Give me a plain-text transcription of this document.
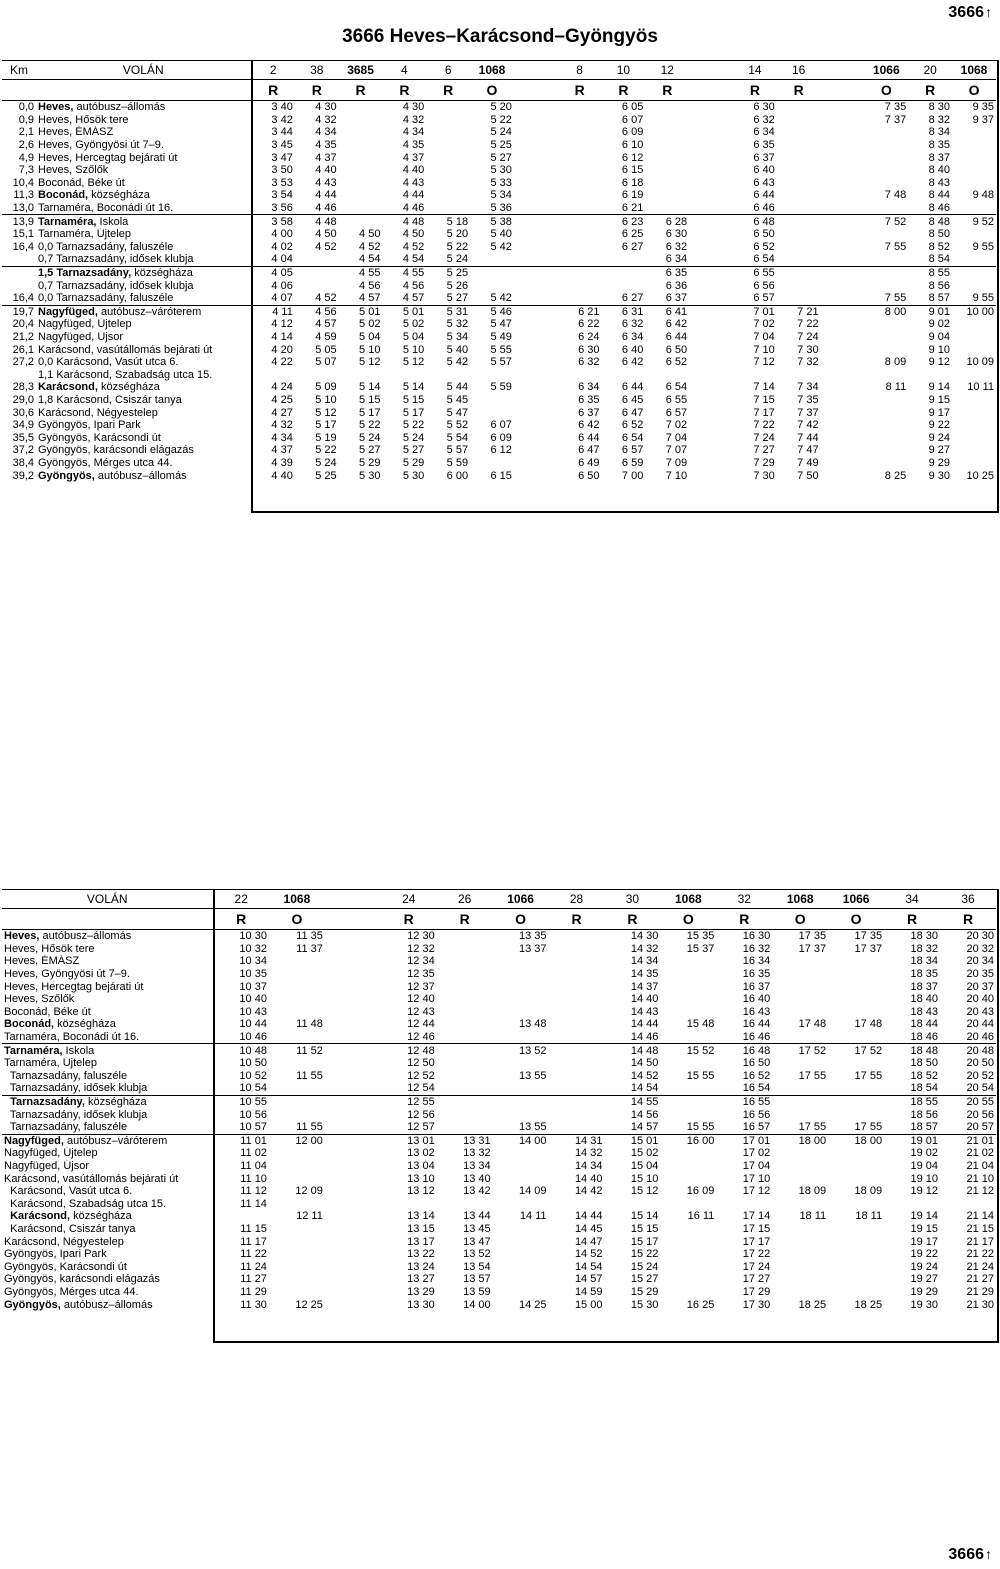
3666 Heves–Karácsond–Gyöngyös
3666↑
3666↑
Km	VOLÁN	2	38	3685	4	6	1068		8	10	12		14	16		1066	20	1068
		R	R	R	R	R	O		R	R	R		R	R		O	R	O
0,0	Heves, autóbusz–állomás	3 40	4 30		4 30		5 20			6 05			6 30			7 35	8 30	9 35
0,9	Heves, Hősök tere	3 42	4 32		4 32		5 22			6 07			6 32			7 37	8 32	9 37
2,1	Heves, ÉMÁSZ	3 44	4 34		4 34		5 24			6 09			6 34				8 34	
2,6	Heves, Gyöngyösi út 7–9.	3 45	4 35		4 35		5 25			6 10			6 35				8 35	
4,9	Heves, Hercegtag bejárati út	3 47	4 37		4 37		5 27			6 12			6 37				8 37	
7,3	Heves, Szőlők	3 50	4 40		4 40		5 30			6 15			6 40				8 40	
10,4	Boconád, Béke út	3 53	4 43		4 43		5 33			6 18			6 43				8 43	
11,3	Boconád, községháza	3 54	4 44		4 44		5 34			6 19			6 44			7 48	8 44	9 48
13,0	Tarnaméra, Boconádi út 16.	3 56	4 46		4 46		5 36			6 21			6 46				8 46	
13,9	Tarnaméra, Iskola	3 58	4 48		4 48	5 18	5 38			6 23	6 28		6 48			7 52	8 48	9 52
15,1	Tarnaméra, Újtelep	4 00	4 50	4 50	4 50	5 20	5 40			6 25	6 30		6 50				8 50	
16,4	0,0 Tarnazsadány, faluszéle	4 02	4 52	4 52	4 52	5 22	5 42			6 27	6 32		6 52			7 55	8 52	9 55
	0,7 Tarnazsadány, idősek klubja	4 04		4 54	4 54	5 24					6 34		6 54				8 54	
	1,5 Tarnazsadány, községháza	4 05		4 55	4 55	5 25					6 35		6 55				8 55	
	0,7 Tarnazsadány, idősek klubja	4 06		4 56	4 56	5 26					6 36		6 56				8 56	
16,4	0,0 Tarnazsadány, faluszéle	4 07	4 52	4 57	4 57	5 27	5 42			6 27	6 37		6 57			7 55	8 57	9 55
19,7	Nagyfüged, autóbusz–váróterem	4 11	4 56	5 01	5 01	5 31	5 46		6 21	6 31	6 41		7 01	7 21		8 00	9 01	10 00
20,4	Nagyfüged, Újtelep	4 12	4 57	5 02	5 02	5 32	5 47		6 22	6 32	6 42		7 02	7 22			9 02	
21,2	Nagyfüged, Újsor	4 14	4 59	5 04	5 04	5 34	5 49		6 24	6 34	6 44		7 04	7 24			9 04	
26,1	Karácsond, vasútállomás bejárati út	4 20	5 05	5 10	5 10	5 40	5 55		6 30	6 40	6 50		7 10	7 30			9 10	
27,2	0,0 Karácsond, Vasút utca 6.	4 22	5 07	5 12	5 12	5 42	5 57		6 32	6 42	6 52		7 12	7 32		8 09	9 12	10 09
	1,1 Karácsond, Szabadság utca 15.																	
28,3	Karácsond, községháza	4 24	5 09	5 14	5 14	5 44	5 59		6 34	6 44	6 54		7 14	7 34		8 11	9 14	10 11
29,0	1,8 Karácsond, Csiszár tanya	4 25	5 10	5 15	5 15	5 45			6 35	6 45	6 55		7 15	7 35			9 15	
30,6	Karácsond, Négyestelep	4 27	5 12	5 17	5 17	5 47			6 37	6 47	6 57		7 17	7 37			9 17	
34,9	Gyöngyös, Ipari Park	4 32	5 17	5 22	5 22	5 52	6 07		6 42	6 52	7 02		7 22	7 42			9 22	
35,5	Gyöngyös, Karácsondi út	4 34	5 19	5 24	5 24	5 54	6 09		6 44	6 54	7 04		7 24	7 44			9 24	
37,2	Gyöngyös, karácsondi elágazás	4 37	5 22	5 27	5 27	5 57	6 12		6 47	6 57	7 07		7 27	7 47			9 27	
38,4	Gyöngyös, Mérges utca 44.	4 39	5 24	5 29	5 29	5 59			6 49	6 59	7 09		7 29	7 49			9 29	
39,2	Gyöngyös, autóbusz–állomás	4 40	5 25	5 30	5 30	6 00	6 15		6 50	7 00	7 10		7 30	7 50		8 25	9 30	10 25
VOLÁN	22	1068		24	26	1066	28	30	1068	32	1068	1066	34	36
	R	O		R	R	O	R	R	O	R	O	O	R	R
Heves, autóbusz–állomás	10 30	11 35		12 30		13 35		14 30	15 35	16 30	17 35	17 35	18 30	20 30
Heves, Hősök tere	10 32	11 37		12 32		13 37		14 32	15 37	16 32	17 37	17 37	18 32	20 32
Heves, ÉMÁSZ	10 34			12 34				14 34		16 34			18 34	20 34
Heves, Gyöngyösi út 7–9.	10 35			12 35				14 35		16 35			18 35	20 35
Heves, Hercegtag bejárati út	10 37			12 37				14 37		16 37			18 37	20 37
Heves, Szőlők	10 40			12 40				14 40		16 40			18 40	20 40
Boconád, Béke út	10 43			12 43				14 43		16 43			18 43	20 43
Boconád, községháza	10 44	11 48		12 44		13 48		14 44	15 48	16 44	17 48	17 48	18 44	20 44
Tarnaméra, Boconádi út 16.	10 46			12 46				14 46		16 46			18 46	20 46
Tarnaméra, Iskola	10 48	11 52		12 48		13 52		14 48	15 52	16 48	17 52	17 52	18 48	20 48
Tarnaméra, Újtelep	10 50			12 50				14 50		16 50			18 50	20 50
Tarnazsadány, faluszéle	10 52	11 55		12 52		13 55		14 52	15 55	16 52	17 55	17 55	18 52	20 52
Tarnazsadány, idősek klubja	10 54			12 54				14 54		16 54			18 54	20 54
Tarnazsadány, községháza	10 55			12 55				14 55		16 55			18 55	20 55
Tarnazsadány, idősek klubja	10 56			12 56				14 56		16 56			18 56	20 56
Tarnazsadány, faluszéle	10 57	11 55		12 57		13 55		14 57	15 55	16 57	17 55	17 55	18 57	20 57
Nagyfüged, autóbusz–váróterem	11 01	12 00		13 01	13 31	14 00	14 31	15 01	16 00	17 01	18 00	18 00	19 01	21 01
Nagyfüged, Újtelep	11 02			13 02	13 32		14 32	15 02		17 02			19 02	21 02
Nagyfüged, Újsor	11 04			13 04	13 34		14 34	15 04		17 04			19 04	21 04
Karácsond, vasútállomás bejárati út	11 10			13 10	13 40		14 40	15 10		17 10			19 10	21 10
Karácsond, Vasút utca 6.	11 12	12 09		13 12	13 42	14 09	14 42	15 12	16 09	17 12	18 09	18 09	19 12	21 12
Karácsond, Szabadság utca 15.	11 14													
Karácsond, községháza		12 11		13 14	13 44	14 11	14 44	15 14	16 11	17 14	18 11	18 11	19 14	21 14
Karácsond, Csiszár tanya	11 15			13 15	13 45		14 45	15 15		17 15			19 15	21 15
Karácsond, Négyestelep	11 17			13 17	13 47		14 47	15 17		17 17			19 17	21 17
Gyöngyös, Ipari Park	11 22			13 22	13 52		14 52	15 22		17 22			19 22	21 22
Gyöngyös, Karácsondi út	11 24			13 24	13 54		14 54	15 24		17 24			19 24	21 24
Gyöngyös, karácsondi elágazás	11 27			13 27	13 57		14 57	15 27		17 27			19 27	21 27
Gyöngyös, Mérges utca 44.	11 29			13 29	13 59		14 59	15 29		17 29			19 29	21 29
Gyöngyös, autóbusz–állomás	11 30	12 25		13 30	14 00	14 25	15 00	15 30	16 25	17 30	18 25	18 25	19 30	21 30
